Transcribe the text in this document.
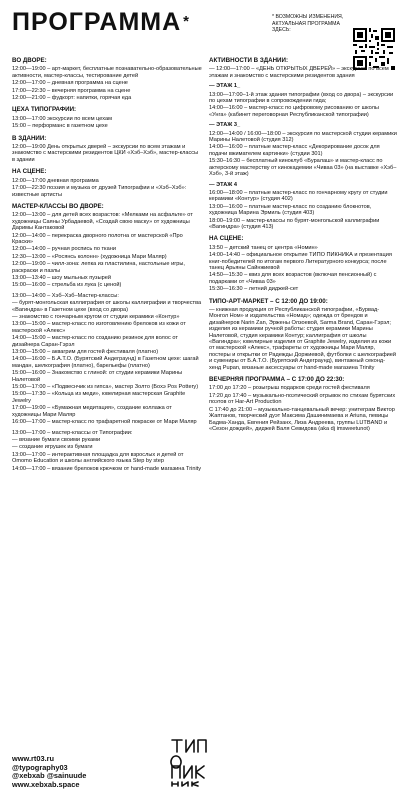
ПРОГРАММА *	* ВОЗМОЖНЫ ИЗМЕНЕНИЯ, АКТУАЛЬНАЯ ПРОГРАММА ЗДЕСЬ:
ВО ДВОРЕ:
12:00—19:00 – арт-маркет, бесплатные познавательно-образовательные активности, мастер-классы, тестирование детей
12:00—17:00 – дневная программа на сцене
17:00—22:30 – вечерняя программа на сцене
12:00—21:00 – фудкорт: напитки, горячая еда
ЦЕХА ТИПОГРАФИИ:
13:00—17:00 экскурсии по всем цехам
15:00 – перформанс в газетном цехе
В ЗДАНИИ:
12:00—19:00 День открытых дверей – экскурсии по всем этажам и знакомство с мастерскими резидентов ЦКИ «Хэб–Хэб», мастер-классы в здании
НА СЦЕНЕ:
12:00—17:00 дневная программа
17:00—22:30 поэзия и музыка от друзей Типографии и «Хэб–Хэб»: известные артисты
МАСТЕР-КЛАССЫ ВО ДВОРЕ:
12:00—13:00 – для детей всех возрастов: «Мелками на асфальте» от художницы Саяны Урбадаевой, «Создай свою маску» от художницы Даримы Кантаковой
12:00—14:00 – перекраска дворного полотна от мастерской «Про Краски»
12:00—14:00 – ручная роспись по ткани
12:30—13:00 – «Росянсь колонн» (художница Мари Маляр)
12:00—19:00 – чилл-зона: лепка из пластилина, настольные игры, раскраски и пазлы
13:00—13:40 – шоу мыльных пузырей
15:00—16:00 – стрельба из лука (с ценой)
13:00—14:00 – Хэб–Хэб–Мастер-классы:
— бурят-монгольская каллиграфия от школы каллиграфии и творчества «Вагиндра» в Газетном цехе (вход со двора)
— знакомство с гончарным кругом от студии керамики «Контур»
13:00—15:00 – мастер-класс по изготовлению брелоков из кожи от мастерской «Алекс»
14:00—15:00 – мастер-класс по созданию резинок для волос от дизайнера Саран-Гэрэл
13:00—15:00 – аквагрим для гостей фестиваля (платно)
14:00—16:00 – Б.А.Т.О. (Бурятский Андеграунд) в Газетном цехе: шагай мандан, шелкография (платно), барельефы (платно)
15:00—16:00 – Знакомство с глиной: от студии керамики Марины Налетовой
15:00—17:00 – «Подвеснчик из гипса», мастер Золто (Бохэ Pos Pottery)
15:00—17:30 – «Кольца из меди», ювелирная мастерская Graphite Jewelry
17:00—19:00 – «Бумажная медитация», создание коллажа от художницы Мари Маляр
16:00—17:00 – мастер-класс по трафаретной покраске от Мари Маляр
13:00—17:00 – мастер-классы от Типографии:
— вязание бумаги своими руками
— создание игрушек из бумаги
13:00—17:00 – интерактивная площадка для взрослых и детей от Omomo Education и школы английского языка Step by step
14:00—17:00 – вязание брелоков крючком от hand-made магазина Trinity
АКТИВНОСТИ В ЗДАНИИ:
— 12:00—17:00 – «ДЕНЬ ОТКРЫТЫХ ДВЕРЕЙ» – экскурсии по всем этажам и знакомство с мастерскими резидентов здания
— ЭТАЖ 1_
13:00—17:00–1-й этаж здания типографии (вход со двора) – экскурсии по цехам типографии в сопровождении гида;
14:00—16:00 – мастер-класс по цифровому рисованию от школы «Унга» (кабинет переговорная Республиканской типографии)
— ЭТАЖ 3_
12:00—14:00 / 16:00—18:00 – экскурсия по мастерской студии керамики Марины Налетовой (студия 312)
14:00—16:00 – платные мастер-класс «Декорирование досок для подачи вжимателем картинки» (студии 301)
15:30–16:30 – бесплатный киноклуб «Буралаш» и мастер-класс по актерскому мастерству от кинокадемии «Чиваа 03» (на выставке «Хэб–Хэб», 3-й этаж)
— ЭТАЖ 4
16:00—18:00 – платные мастер-класс по гончарному кругу от студии керамики «Контур» (студия 402)
13:00—16:00 – платные мастер-класс по созданию блокнотов, художница Марина Эрмиль (студия 403)
18:00–19:00 – мастер-классы по бурят-монгольской каллиграфии «Вагиндра» (студия 413)
НА СЦЕНЕ:
13:50 – детский танец от центра «Номин»
14:00–14:40 – официальное открытие ТИПО ПИКНИКА и презентация книг-победителей по итогам первого Литературного конкурса; после танец Арьяны Сайнжиевой
14:50—15:30 – квиз для всех возрастов (включая пенсионный) с подарками от «Чиваа 03»
15:30—16:30 – летний диджей-сет
ТИПО-АРТ-МАРКЕТ – С 12:00 ДО 19:00:
— книжная продукция от Республиканской типографии, «Бурвад-Монгол Ном» и издательства «Номад»; одежда от брендов и дизайнеров Narin Zan, Эржены Олзоевой, Sarma Brand, Саран-Гэрэл; изделия из керамики ручной работы: студия керамики Марины Налетовой, студия керамики Контур; каллиграфия от школы «Вагиндра»; ювелирные изделия от Graphite Jewelry, изделия из кожи от мастерской «Алекс», трафареты от художницы Мари Маляр, постеры и открытки от Радежды Доржиевой, футболки с шелкографией и сувениры от Б.А.Т.О. (Бурятский Андеграунд), винтажный секонд-хенд Pupan, вязаные аксессуары от hand-made магазина Trinity
ВЕЧЕРНЯЯ ПРОГРАММА – С 17:00 ДО 22:30:
17:00 до 17:20 – розыгрыш подарков среди гостей фестиваля
17:20 до 17:40 – музыкально-поэтический отрывок по стихам бурятских поэтов от Har-Art Production
С 17:40 до 21:00 – музыкально-танцевальный вечер: унитеграм Виктор Жаптанов, творческий дуэт Максима Дашинимаева и Ariuna, певицы Бадма-Ханда, Евгения Рейзанх, Лиза Андреева, группы LUTBAND и «Сезон дождей», диджей Валя Севидова (aka dj imsweetunot)
www.rt03.ru
@typography03
@xebxab @sainuude
www.xebxab.space
